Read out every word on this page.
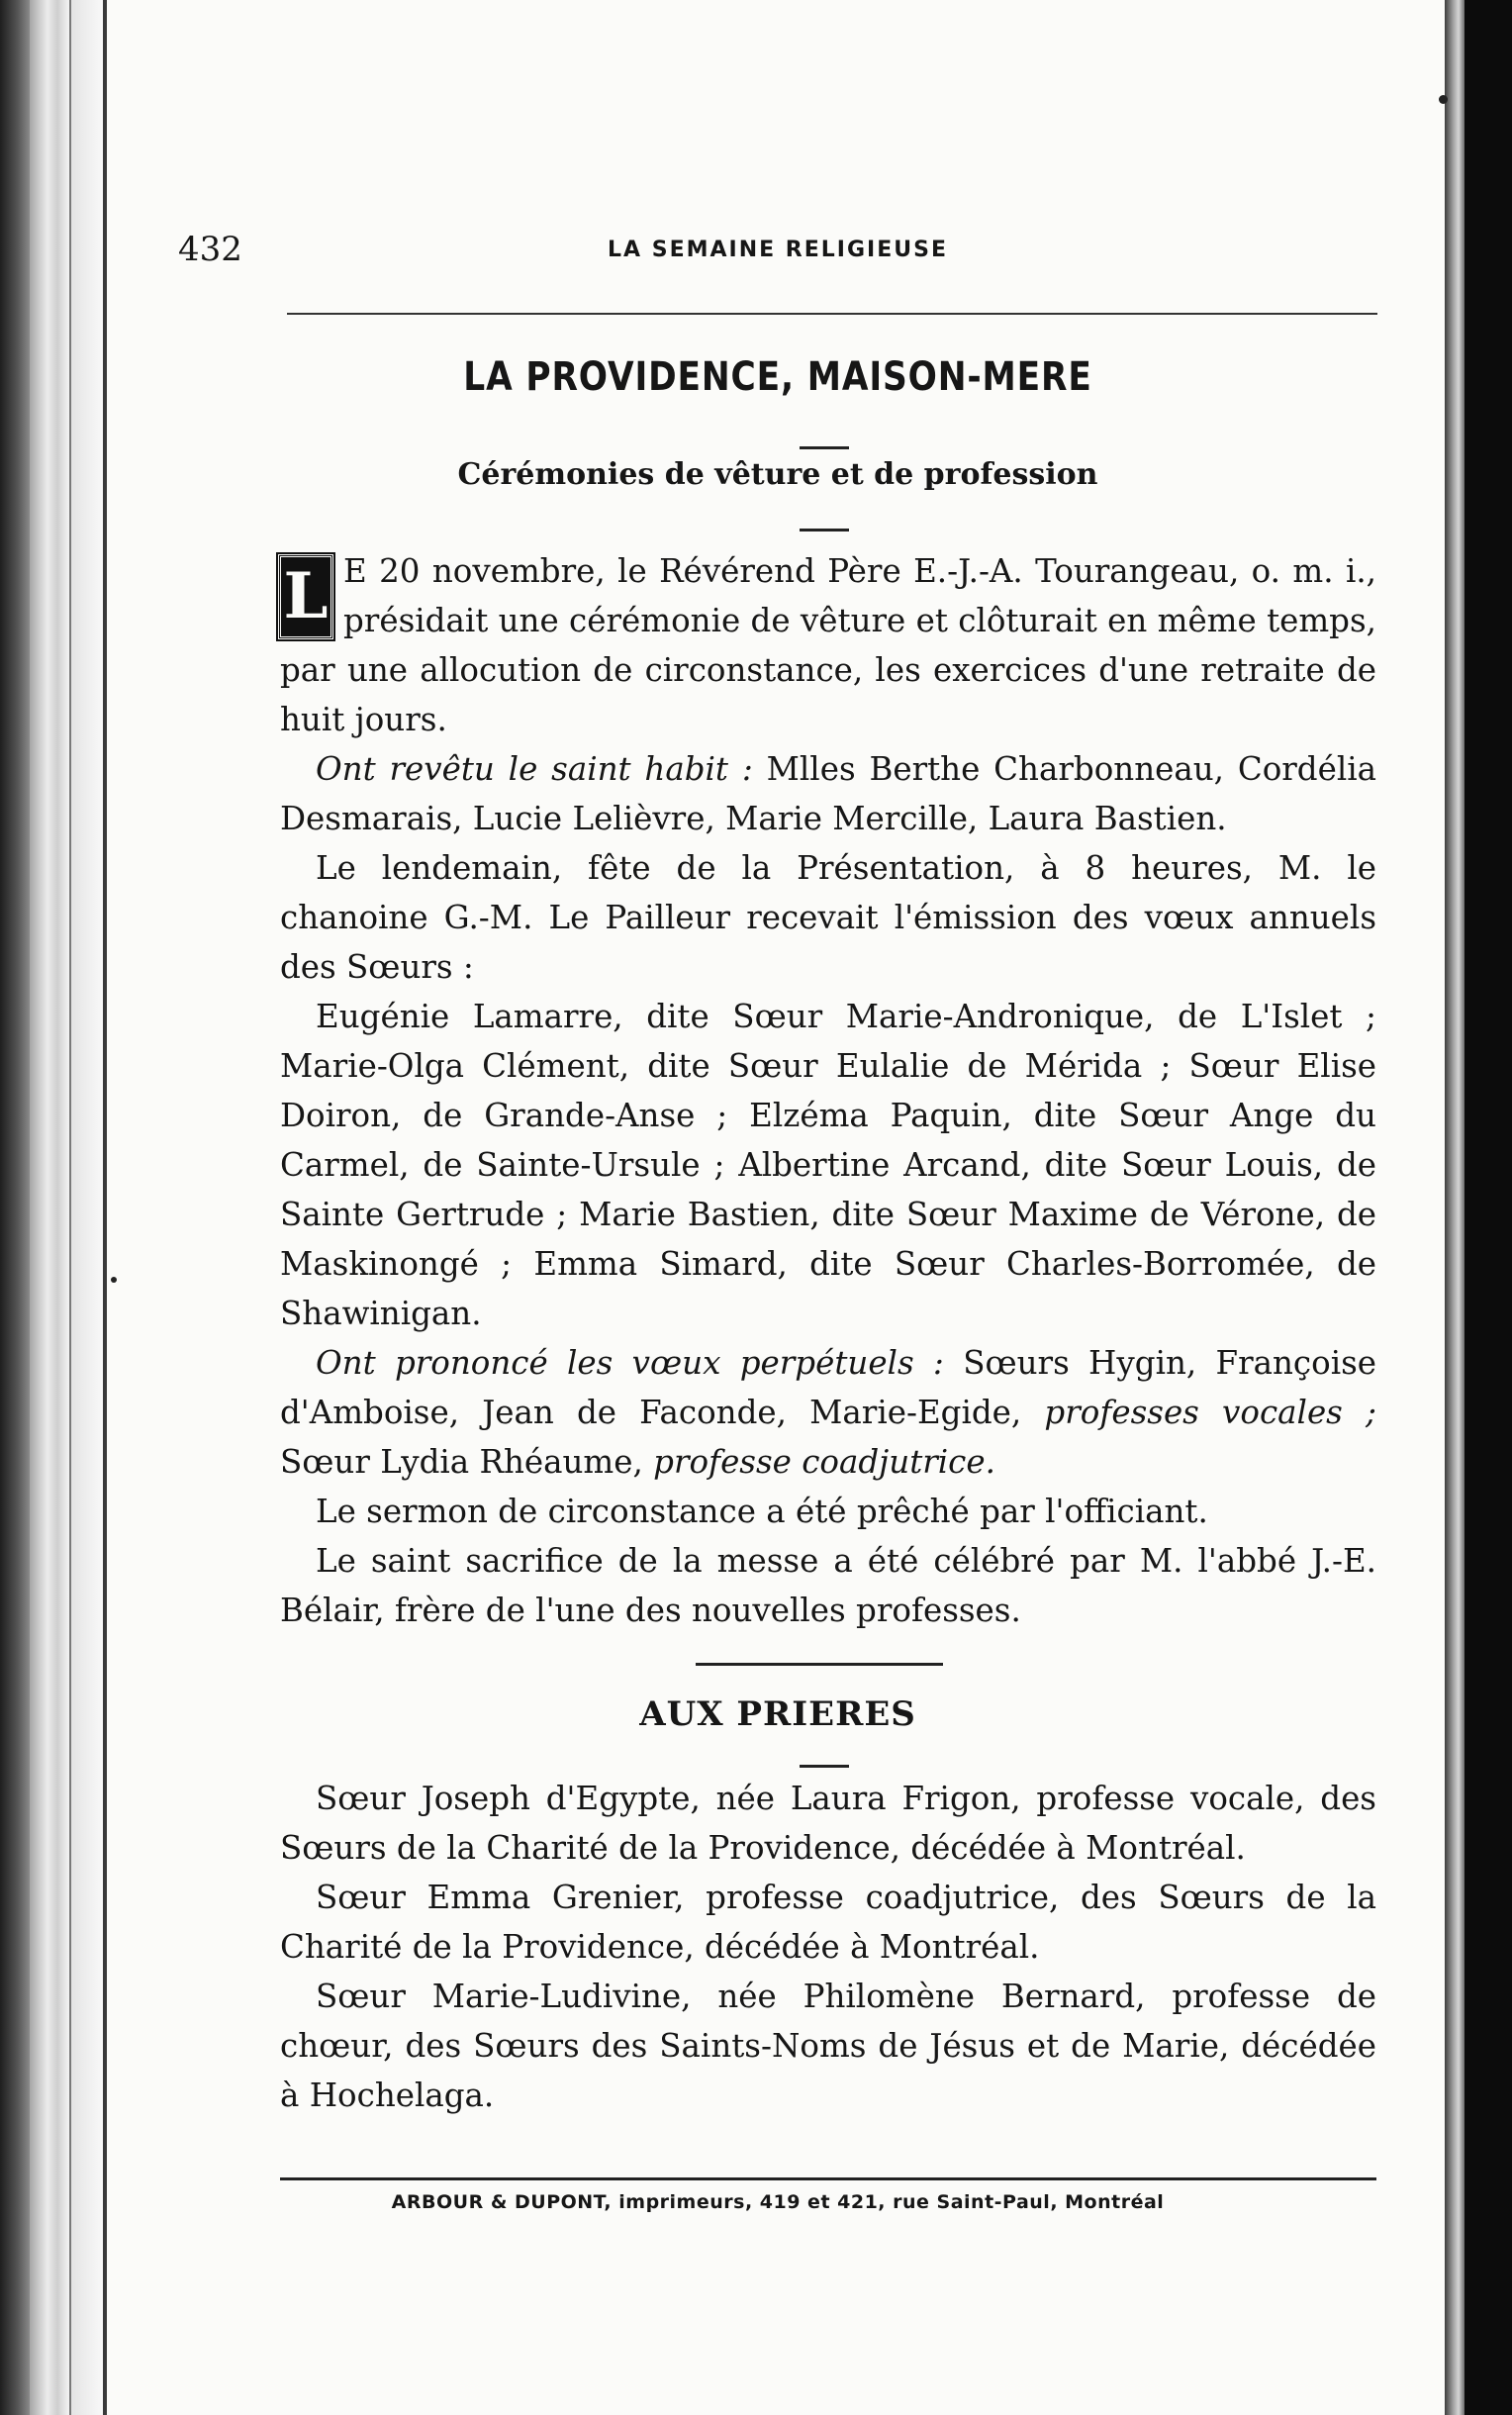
432	LA SEMAINE RELIGIEUSE
LA PROVIDENCE, MAISON-MERE
Cérémonies de vêture et de profession

L E 20 novembre, le Révérend Père E.-J.-A. Tourangeau, o. m. i., présidait une cérémonie de vêture et clôturait en même temps, par une allocution de circonstance, les exercices d'une retraite de huit jours.

Ont revêtu le saint habit : Mlles Berthe Charbonneau, Cordélia Desmarais, Lucie Lelièvre, Marie Mercille, Laura Bastien.

Le lendemain, fête de la Présentation, à 8 heures, M. le chanoine G.-M. Le Pailleur recevait l'émission des vœux annuels des Sœurs :

Eugénie Lamarre, dite Sœur Marie-Andronique, de L'Islet ; Marie-Olga Clément, dite Sœur Eulalie de Mérida ; Sœur Elise Doiron, de Grande-Anse ; Elzéma Paquin, dite Sœur Ange du Carmel, de Sainte-Ursule ; Albertine Arcand, dite Sœur Louis, de Sainte Gertrude ; Marie Bastien, dite Sœur Maxime de Vérone, de Maskinongé ; Emma Simard, dite Sœur Charles-Borromée, de Shawinigan.

Ont prononcé les vœux perpétuels : Sœurs Hygin, Françoise d'Amboise, Jean de Faconde, Marie-Egide, professes vocales ; Sœur Lydia Rhéaume, professe coadjutrice.

Le sermon de circonstance a été prêché par l'officiant.

Le saint sacrifice de la messe a été célébré par M. l'abbé J.-E. Bélair, frère de l'une des nouvelles professes.

AUX PRIERES

Sœur Joseph d'Egypte, née Laura Frigon, professe vocale, des Sœurs de la Charité de la Providence, décédée à Montréal.

Sœur Emma Grenier, professe coadjutrice, des Sœurs de la Charité de la Providence, décédée à Montréal.

Sœur Marie-Ludivine, née Philomène Bernard, professe de chœur, des Sœurs des Saints-Noms de Jésus et de Marie, décédée à Hochelaga.

ARBOUR & DUPONT, imprimeurs, 419 et 421, rue Saint-Paul, Montréal
